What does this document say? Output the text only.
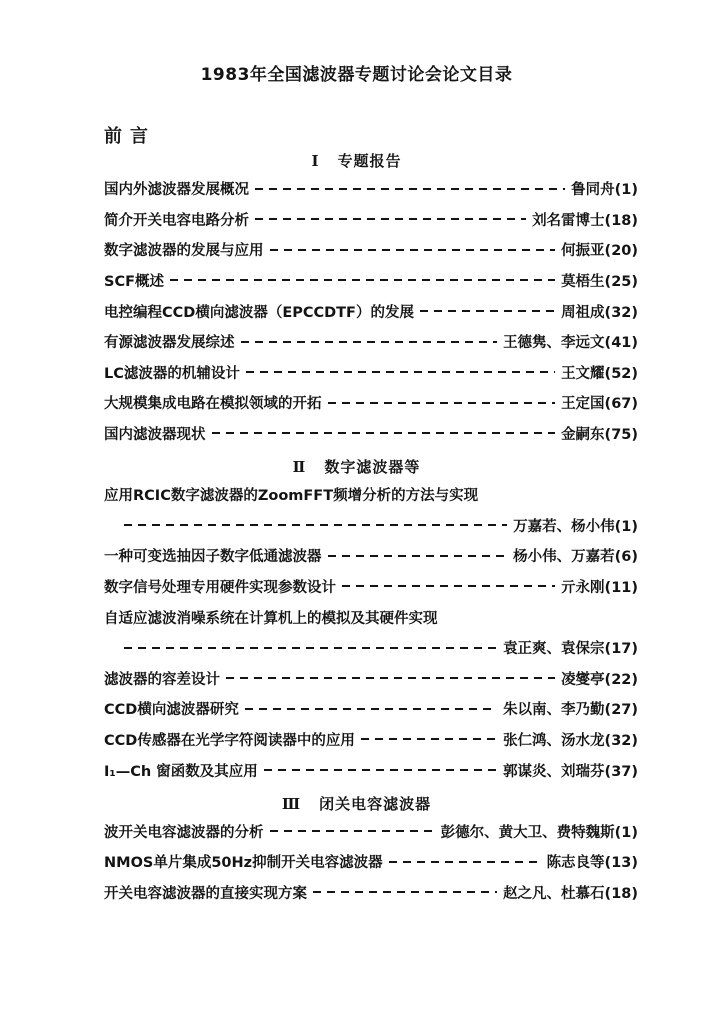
1983年全国滤波器专题讨论会论文目录
前言
Ⅰ 专题报告
国内外滤波器发展概况	鲁同舟(1)
简介开关电容电路分析	刘名雷博士(18)
数字滤波器的发展与应用	何振亚(20)
SCF概述	莫梧生(25)
电控编程CCD横向滤波器（EPCCDTF）的发展	周祖成(32)
有源滤波器发展综述	王德隽、李远文(41)
LC滤波器的机辅设计	王文耀(52)
大规模集成电路在模拟领域的开拓	王定国(67)
国内滤波器现状	金嗣东(75)
Ⅱ 数字滤波器等
应用RCIC数字滤波器的ZoomFFT频增分析的方法与实现
万嘉若、杨小伟(1)
一种可变选抽因子数字低通滤波器	杨小伟、万嘉若(6)
数字信号处理专用硬件实现参数设计	亓永刚(11)
自适应滤波消噪系统在计算机上的模拟及其硬件实现
袁正爽、袁保宗(17)
滤波器的容差设计	凌燮亭(22)
CCD横向滤波器研究	朱以南、李乃勤(27)
CCD传感器在光学字符阅读器中的应用	张仁鸿、汤水龙(32)
I₁—Ch 窗函数及其应用	郭谋炎、刘瑞芬(37)
Ⅲ 闭关电容滤波器
波开关电容滤波器的分析	彭德尔、黄大卫、费特魏斯(1)
NMOS单片集成50Hz抑制开关电容滤波器	陈志良等(13)
开关电容滤波器的直接实现方案	赵之凡、杜慕石(18)
